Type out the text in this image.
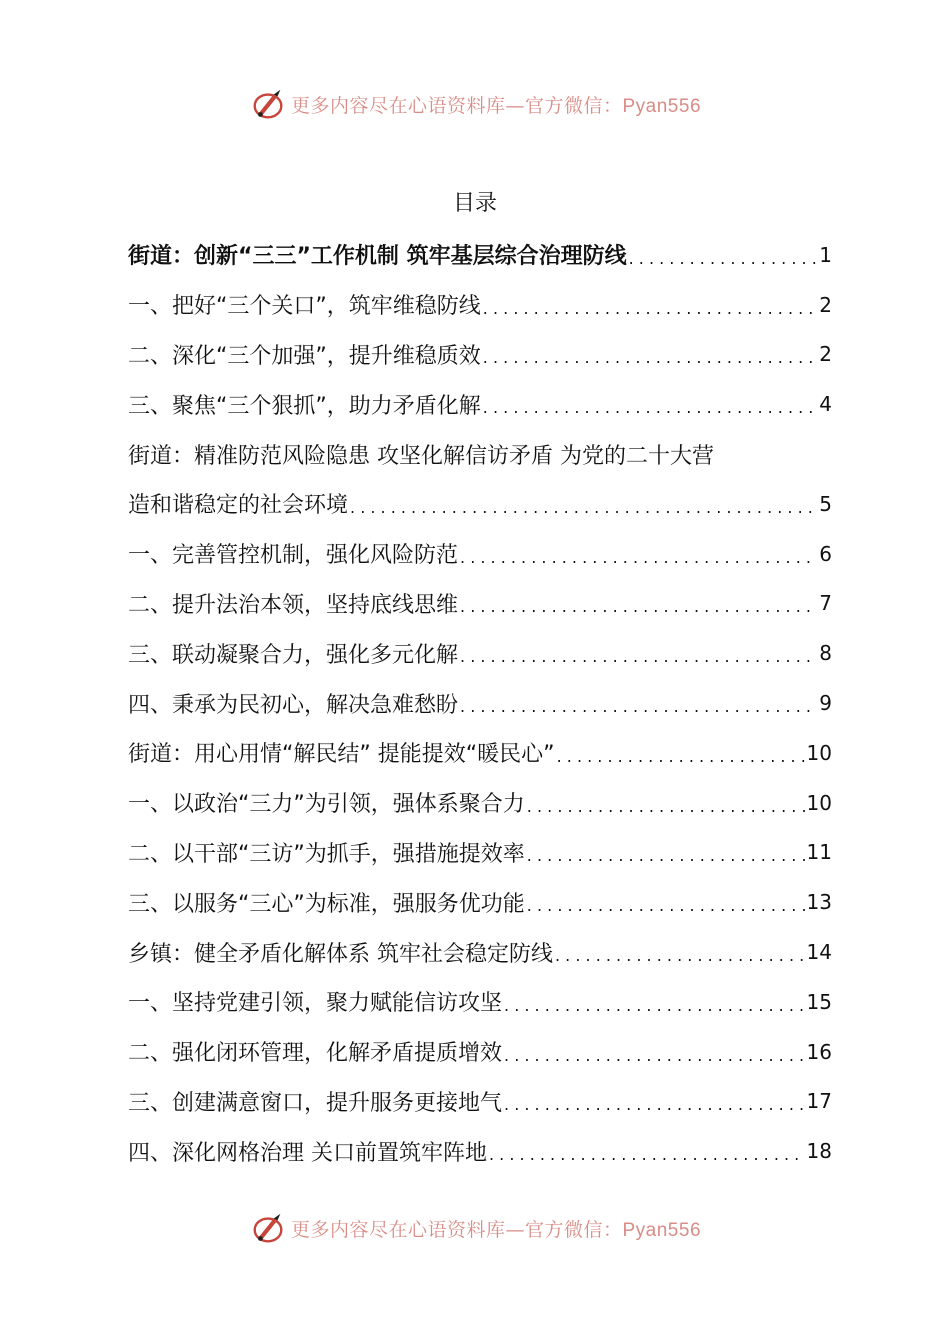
更多内容尽在心语资料库—官方微信：Pyan556
目录
街道：创新“三三”工作机制 筑牢基层综合治理防线 . . .	1
一、把好“三个关口”，筑牢维稳防线 . . .	2
二、深化“三个加强”，提升维稳质效 . . .	2
三、聚焦“三个狠抓”，助力矛盾化解 . . .	4
街道：精准防范风险隐患 攻坚化解信访矛盾 为党的二十大营
造和谐稳定的社会环境 . . .	5
一、完善管控机制，强化风险防范 . . .	6
二、提升法治本领，坚持底线思维 . . .	7
三、联动凝聚合力，强化多元化解 . . .	8
四、秉承为民初心，解决急难愁盼 . . .	9
街道：用心用情“解民结” 提能提效“暖民心” . . .	10
一、以政治“三力”为引领，强体系聚合力 . . .	10
二、以干部“三访”为抓手，强措施提效率 . . .	11
三、以服务“三心”为标准，强服务优功能 . . .	13
乡镇：健全矛盾化解体系 筑牢社会稳定防线 . . .	14
一、坚持党建引领，聚力赋能信访攻坚 . . .	15
二、强化闭环管理，化解矛盾提质增效 . . .	16
三、创建满意窗口，提升服务更接地气 . . .	17
四、深化网格治理 关口前置筑牢阵地 . . .	18
更多内容尽在心语资料库—官方微信：Pyan556
